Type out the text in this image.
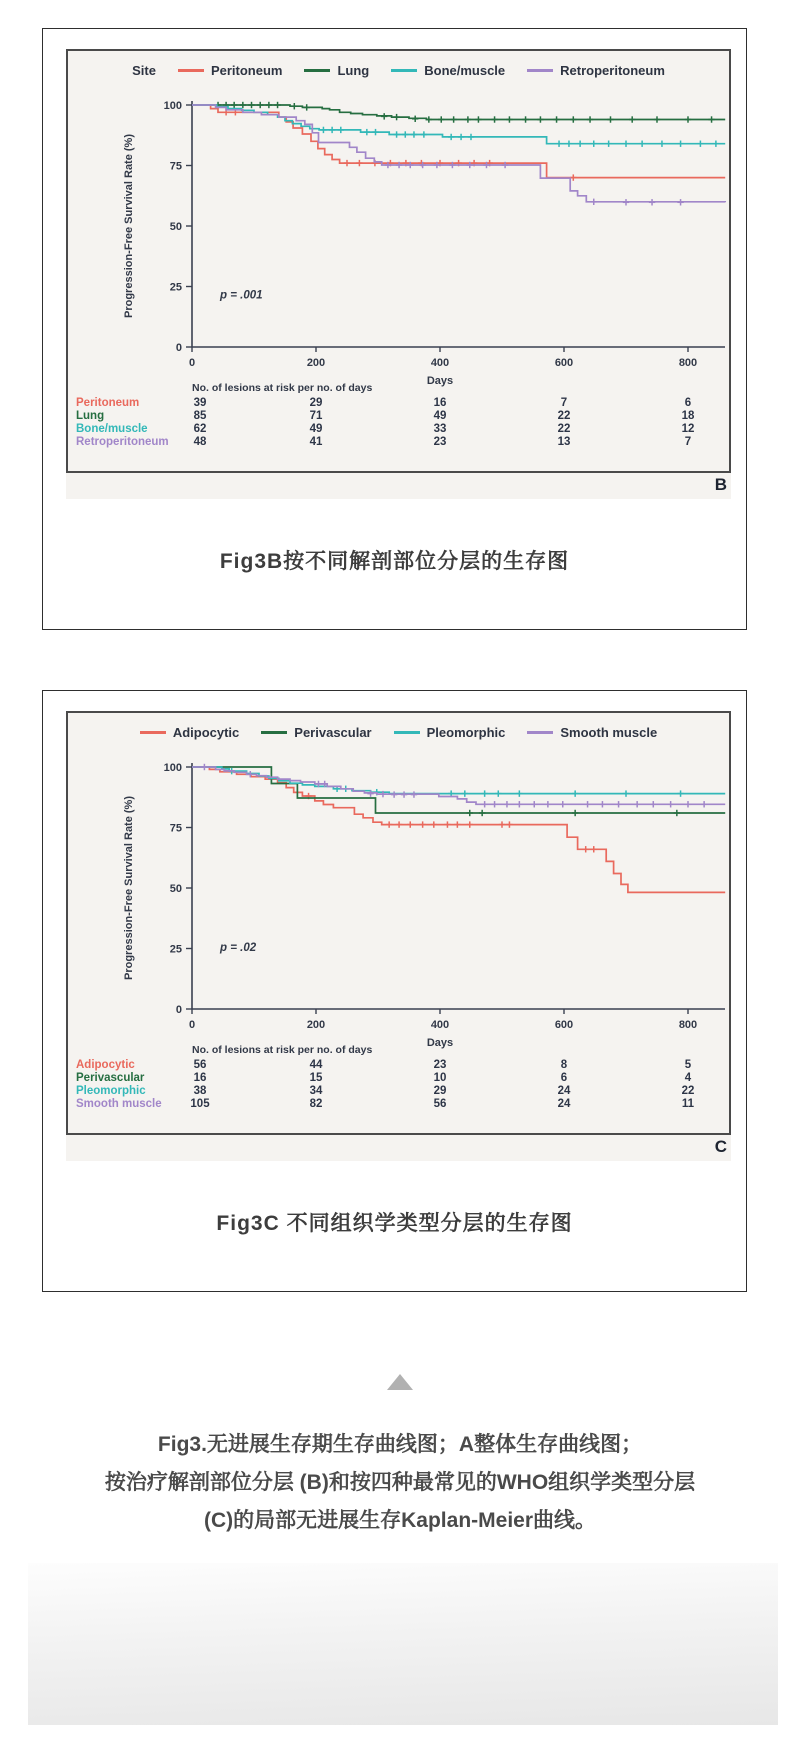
0
25
50
75
100
0	200	400	600	800
Days
Progression-Free Survival Rate (%)	p = .001
No. of lesions at risk per no. of days
Peritoneum	39	29	16	7	6
Lung	85	71	49	22	18
Bone/muscle	62	49	33	22	12
Retroperitoneum 48	41	23	13	7
Site	Peritoneum	Lung	Bone/muscle	Retroperitoneum
B
Fig3B按不同解剖部位分层的生存图
0
25
50
75
100
0	200	400	600	800
Days
Progression-Free Survival Rate (%)	p = .02
No. of lesions at risk per no. of days
Adipocytic	56	44	23	8	5
Perivascular	16	15	10	6	4
Pleomorphic	38	34	29	24	22
Smooth muscle	105	82	56	24	11
Adipocytic	Perivascular	Pleomorphic	Smooth muscle
C
Fig3C 不同组织学类型分层的生存图
Fig3.无进展生存期生存曲线图；A整体生存曲线图；
按治疗解剖部位分层 (B)和按四种最常见的WHO组织学类型分层
(C)的局部无进展生存Kaplan-Meier曲线。
